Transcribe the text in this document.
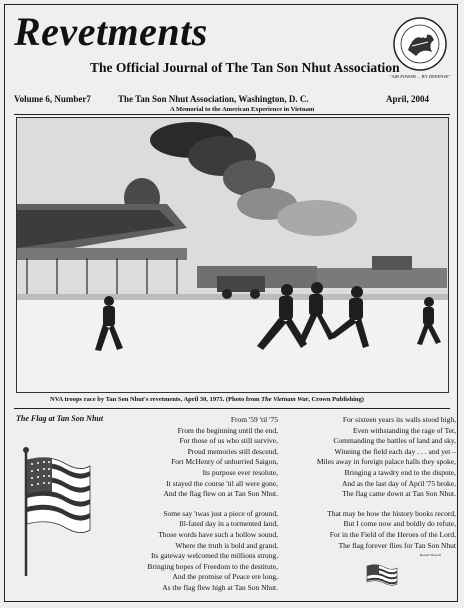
Revetments
The Official Journal of The Tan Son Nhut Association
"AIR POWER ... BY DEFENSE"
Volume 6, Number7	The Tan Son Nhut Association, Washington, D. C.	April, 2004
A Memorial to the American Experience in Vietnam
NVA troops race by Tan Son Nhut's revetments, April 30, 1975. (Photo from The Vietnam War, Crown Publishing)
The Flag at Tan Son Nhut	From '59 'til '75
From the beginning until the end,
For those of us who still survive,
Proud memories still descend,
Fort McHenry of unhurried Saigon,
Its purpose ever resolute,
It stayed the course 'til all were gone,
And the flag flew on at Tan Son Nhut.
Some say 'twas just a piece of ground,
Ill-fated day in a tormented land,
Those words have such a hollow sound,
Where the truth is bold and grand,
Its gateway welcomed the millions strong,
Bringing hopes of Freedom to the destitute,
And the promise of Peace ere long,
As the flag flew high at Tan Son Nhut.
For sixteen years its walls stood high,
Even withstanding the rage of Tet,
Commanding the battles of land and sky,
Winning the field each day . . . and yet –
Miles away in foreign palace halls they spoke,
Bringing a tawdry end to the dispute,
And as the last day of April '75 broke,
The flag came down at Tan Son Nhut.
That may be how the history books record,
But I come now and boldly do refute,
For in the Field of the Heroes of the Lord,
The flag forever flies for Tan Son Nhut
Robert Howell
